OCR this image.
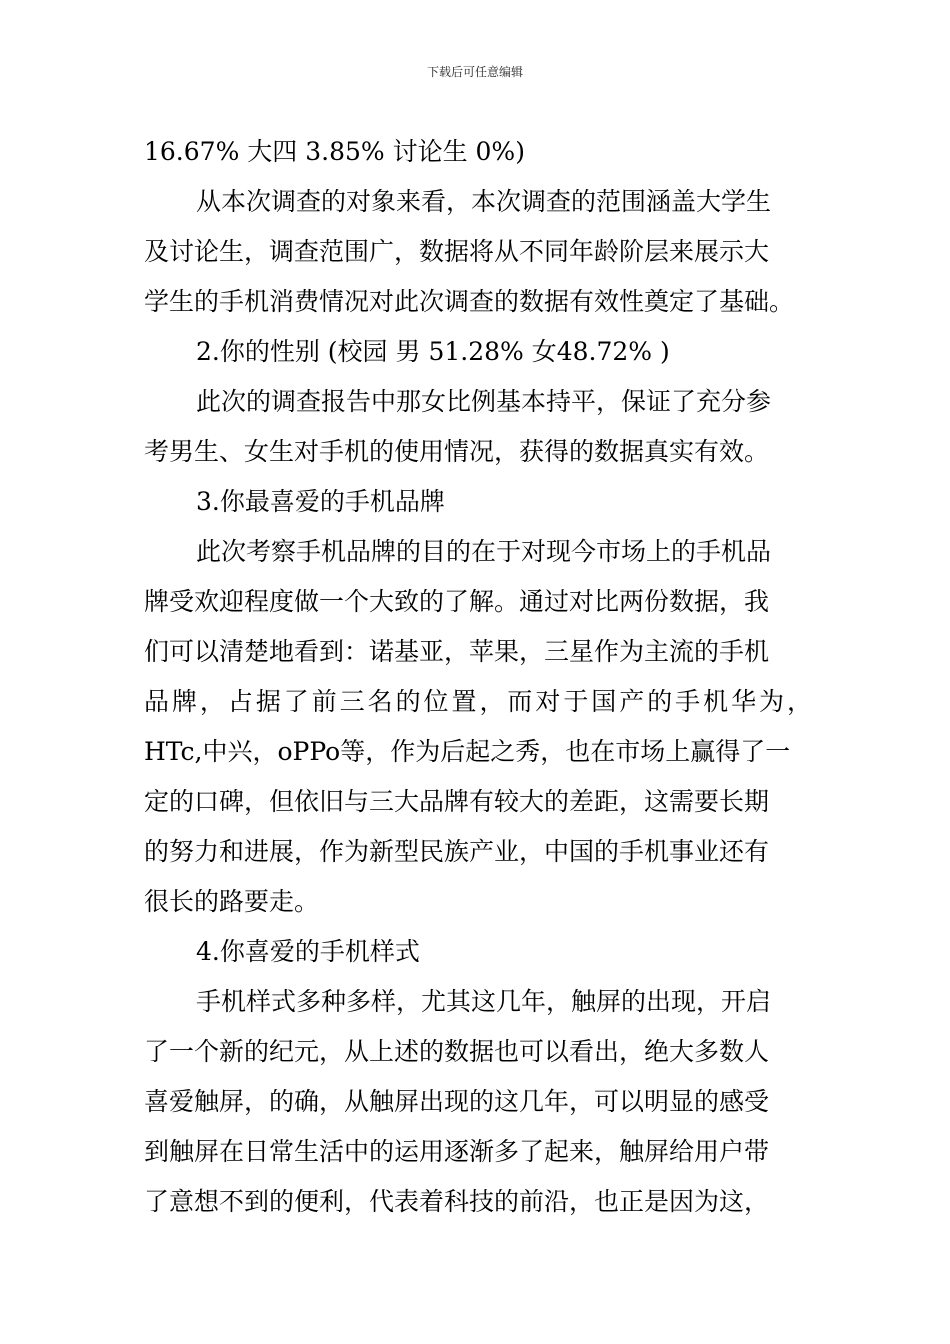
下载后可任意编辑
16.67% 大四 3.85% 讨论生 0%)
从本次调查的对象来看，本次调查的范围涵盖大学生
及讨论生，调查范围广，数据将从不同年龄阶层来展示大
学生的手机消费情况对此次调查的数据有效性奠定了基础。
2.你的性别 (校园 男 51.28% 女48.72% )
此次的调查报告中那女比例基本持平，保证了充分参
考男生、女生对手机的使用情况，获得的数据真实有效。
3.你最喜爱的手机品牌
此次考察手机品牌的目的在于对现今市场上的手机品
牌受欢迎程度做一个大致的了解。通过对比两份数据，我
们可以清楚地看到：诺基亚，苹果，三星作为主流的手机
品牌，占据了前三名的位置，而对于国产的手机华为，
HTc,中兴，oPPo等，作为后起之秀，也在市场上赢得了一
定的口碑，但依旧与三大品牌有较大的差距，这需要长期
的努力和进展，作为新型民族产业，中国的手机事业还有
很长的路要走。
4.你喜爱的手机样式
手机样式多种多样，尤其这几年，触屏的出现，开启
了一个新的纪元，从上述的数据也可以看出，绝大多数人
喜爱触屏，的确，从触屏出现的这几年，可以明显的感受
到触屏在日常生活中的运用逐渐多了起来，触屏给用户带
了意想不到的便利，代表着科技的前沿，也正是因为这，
